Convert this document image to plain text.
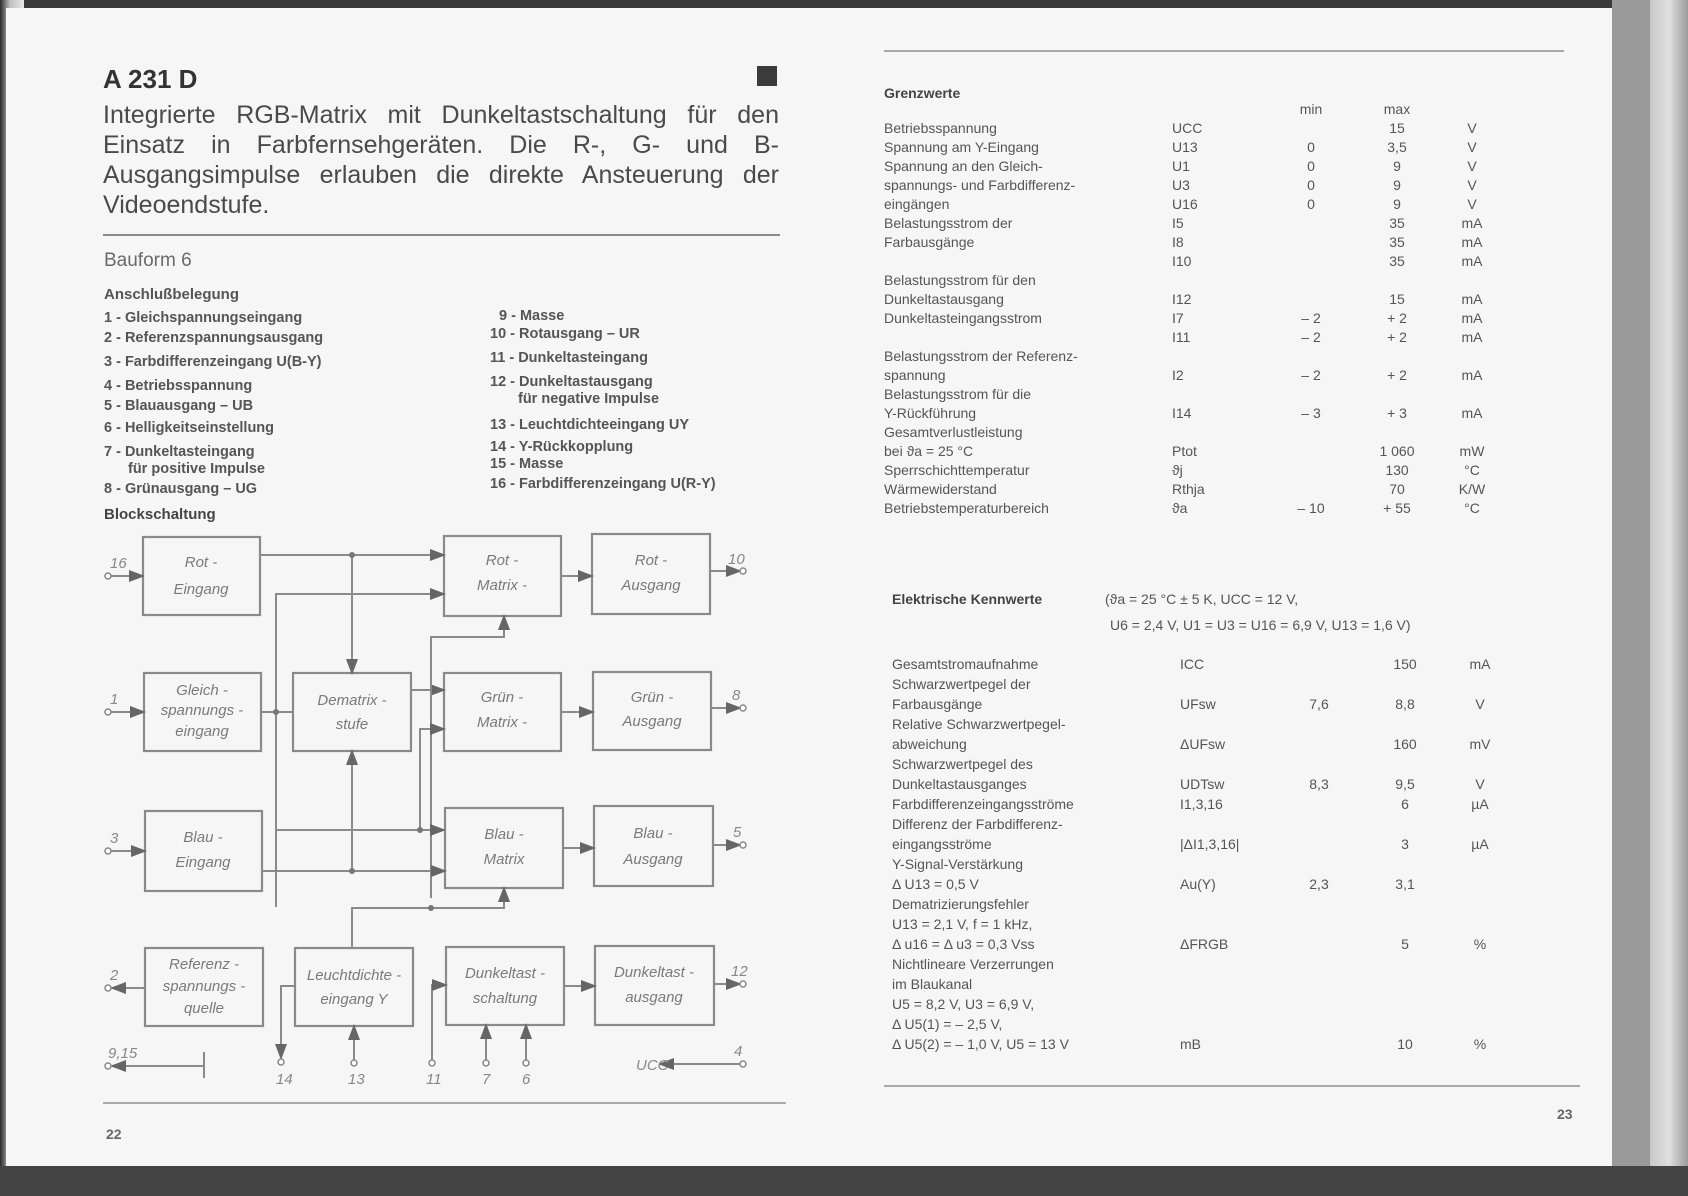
A 231 D
Integrierte RGB-Matrix mit Dunkeltastschaltung für den Einsatz in Farbfernsehgeräten. Die R-, G- und B-Ausgangsimpulse erlauben die direkte Ansteuerung der Videoendstufe.
Bauform 6
Anschlußbelegung
1 - Gleichspannungseingang
2 - Referenzspannungsausgang
3 - Farbdifferenzeingang U(B-Y)
4 - Betriebsspannung
5 - Blauausgang – UB
6 - Helligkeitseinstellung
7 - Dunkeltasteingang
für positive Impulse
8 - Grünausgang – UG
9 - Masse
10 - Rotausgang – UR
11 - Dunkeltasteingang
12 - Dunkeltastausgang
für negative Impulse
13 - Leuchtdichteeingang UY
14 - Y-Rückkopplung
15 - Masse
16 - Farbdifferenzeingang U(R-Y)
Blockschaltung
Rot -
Eingang
Gleich -
spannungs -
eingang
Blau -
Eingang
Referenz -
spannungs -
quelle
Dematrix -
stufe
Leuchtdichte -
eingang Y
Rot -
Matrix -
Grün -
Matrix -
Blau -
Matrix
Dunkeltast -
schaltung
Rot -
Ausgang
Grün -
Ausgang
Blau -
Ausgang
Dunkeltast -
ausgang
16
1
3
2
9,15
10
8
5
12
4
14	13	11	7 6
UCC
22
Grenzwerte
		min	max	
Betriebsspannung	UCC		15	V
Spannung am Y-Eingang	U13	0	3,5	V
Spannung an den Gleich-	U1	0	9	V
spannungs- und Farbdifferenz-	U3	0	9	V
eingängen	U16	0	9	V
Belastungsstrom der	I5		35	mA
Farbausgänge	I8		35	mA
	I10		35	mA
Belastungsstrom für den				
Dunkeltastausgang	I12		15	mA
Dunkeltasteingangsstrom	I7	– 2	+ 2	mA
	I11	– 2	+ 2	mA
Belastungsstrom der Referenz-				
spannung	I2	– 2	+ 2	mA
Belastungsstrom für die				
Y-Rückführung	I14	– 3	+ 3	mA
Gesamtverlustleistung				
bei ϑa = 25 °C	Ptot		1 060	mW
Sperrschichttemperatur	ϑj		130	°C
Wärmewiderstand	Rthja		70	K/W
Betriebstemperaturbereich	ϑa	– 10	+ 55	°C
Elektrische Kennwerte	(ϑa = 25 °C ± 5 K, UCC = 12 V,
U6 = 2,4 V, U1 = U3 = U16 = 6,9 V, U13 = 1,6 V)
Gesamtstromaufnahme	ICC		150	mA
Schwarzwertpegel der				
Farbausgänge	UFsw	7,6	8,8	V
Relative Schwarzwertpegel-				
abweichung	ΔUFsw		160	mV
Schwarzwertpegel des				
Dunkeltastausganges	UDTsw	8,3	9,5	V
Farbdifferenzeingangsströme	I1,3,16		6	µA
Differenz der Farbdifferenz-				
eingangsströme	|ΔI1,3,16|		3	µA
Y-Signal-Verstärkung				
Δ U13 = 0,5 V	Au(Y)	2,3	3,1	
Dematrizierungsfehler				
U13 = 2,1 V, f = 1 kHz,				
Δ u16 = Δ u3 = 0,3 Vss	ΔFRGB		5	%
Nichtlineare Verzerrungen				
im Blaukanal				
U5 = 8,2 V, U3 = 6,9 V,				
Δ U5(1) = – 2,5 V,				
Δ U5(2) = – 1,0 V, U5 = 13 V	mB		10	%
23
